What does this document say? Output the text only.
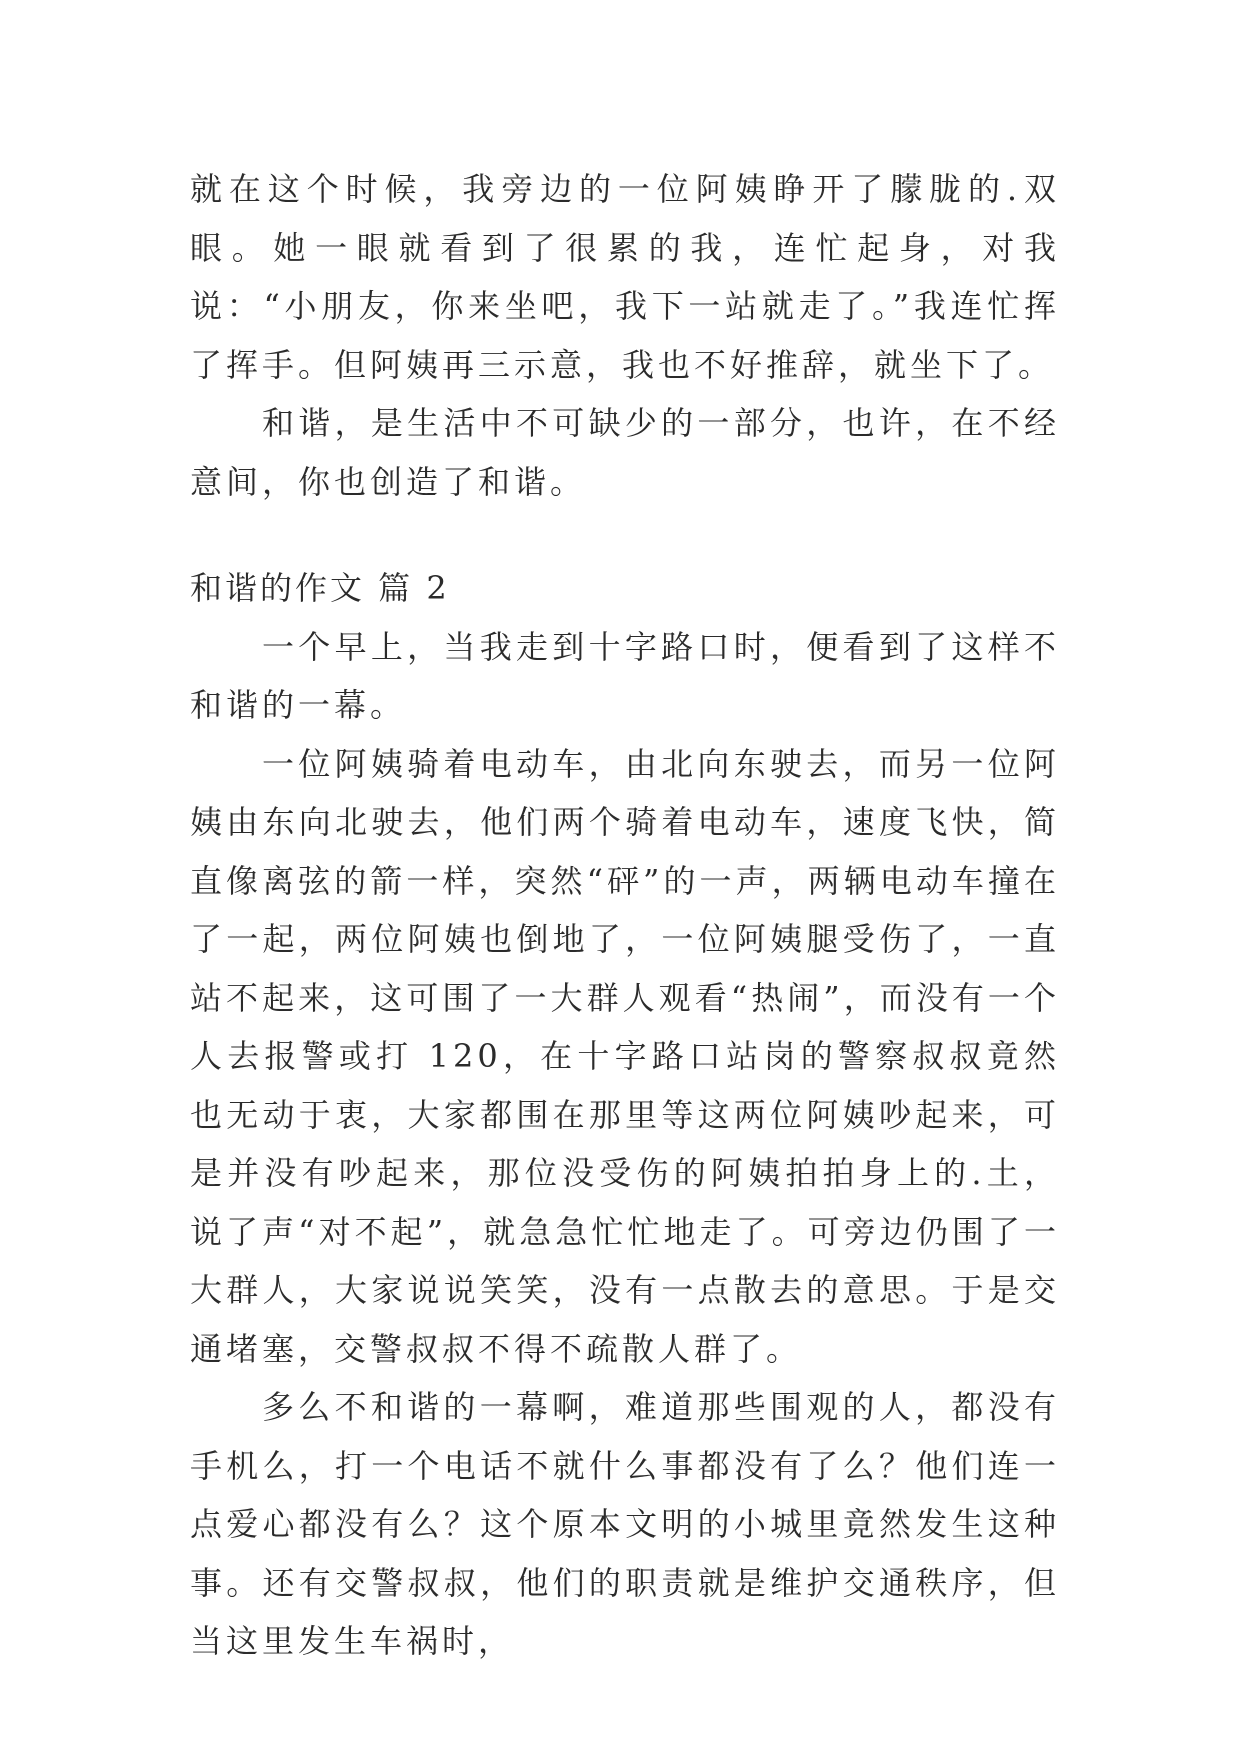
就在这个时候，我旁边的一位阿姨睁开了朦胧的.双眼。她一眼就看到了很累的我，连忙起身，对我说：“小朋友，你来坐吧，我下一站就走了。”我连忙挥了挥手。但阿姨再三示意，我也不好推辞，就坐下了。

和谐，是生活中不可缺少的一部分，也许，在不经意间，你也创造了和谐。

和谐的作文 篇 2

一个早上，当我走到十字路口时，便看到了这样不和谐的一幕。

一位阿姨骑着电动车，由北向东驶去，而另一位阿姨由东向北驶去，他们两个骑着电动车，速度飞快，简直像离弦的箭一样，突然“砰”的一声，两辆电动车撞在了一起，两位阿姨也倒地了，一位阿姨腿受伤了，一直站不起来，这可围了一大群人观看“热闹”，而没有一个人去报警或打 120，在十字路口站岗的警察叔叔竟然也无动于衷，大家都围在那里等这两位阿姨吵起来，可是并没有吵起来，那位没受伤的阿姨拍拍身上的.土，说了声“对不起”，就急急忙忙地走了。可旁边仍围了一大群人，大家说说笑笑，没有一点散去的意思。于是交通堵塞，交警叔叔不得不疏散人群了。

多么不和谐的一幕啊，难道那些围观的人，都没有手机么，打一个电话不就什么事都没有了么？他们连一点爱心都没有么？这个原本文明的小城里竟然发生这种事。还有交警叔叔，他们的职责就是维护交通秩序，但当这里发生车祸时，
